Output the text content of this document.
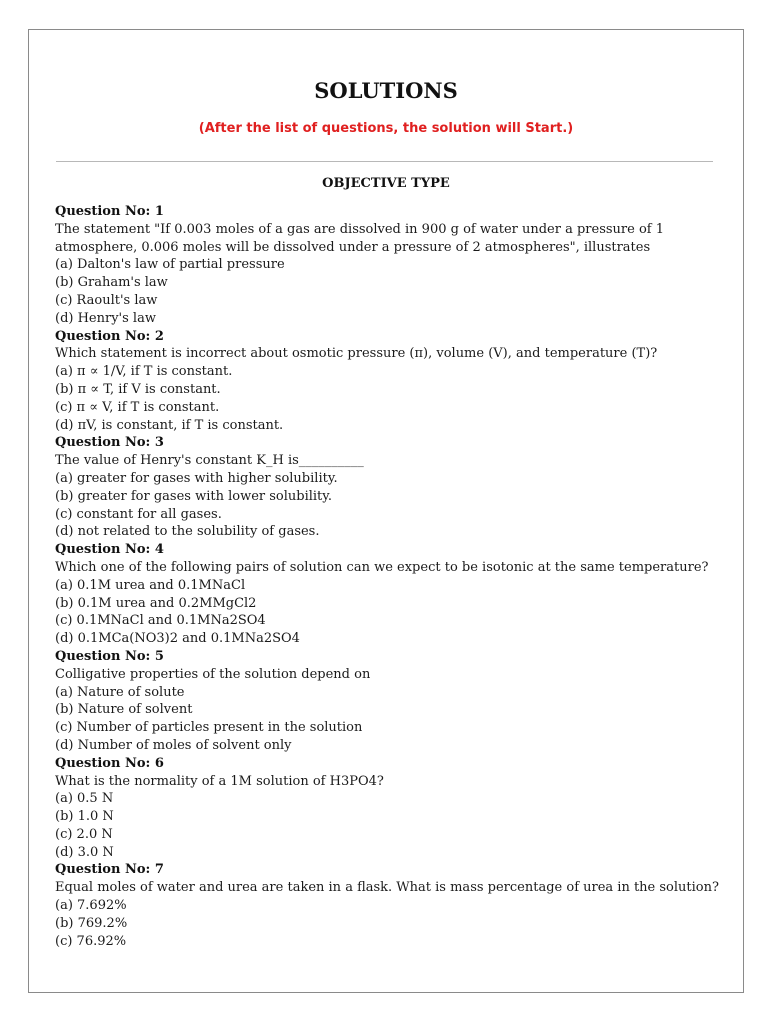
SOLUTIONS
(After the list of questions, the solution will Start.)
OBJECTIVE TYPE
Question No: 1
The statement "If 0.003 moles of a gas are dissolved in 900 g of water under a pressure of 1
atmosphere, 0.006 moles will be dissolved under a pressure of 2 atmospheres", illustrates
(a) Dalton's law of partial pressure
(b) Graham's law
(c) Raoult's law
(d) Henry's law
Question No: 2
Which statement is incorrect about osmotic pressure (π), volume (V), and temperature (T)?
(a) π ∝ 1/V, if T is constant.
(b) π ∝ T, if V is constant.
(c) π ∝ V, if T is constant.
(d) πV, is constant, if T is constant.
Question No: 3
The value of Henry's constant K_H is__________
(a) greater for gases with higher solubility.
(b) greater for gases with lower solubility.
(c) constant for all gases.
(d) not related to the solubility of gases.
Question No: 4
Which one of the following pairs of solution can we expect to be isotonic at the same temperature?
(a) 0.1M urea and 0.1MNaCl
(b) 0.1M urea and 0.2MMgCl2
(c) 0.1MNaCl and 0.1MNa2SO4
(d) 0.1MCa(NO3)2 and 0.1MNa2SO4
Question No: 5
Colligative properties of the solution depend on
(a) Nature of solute
(b) Nature of solvent
(c) Number of particles present in the solution
(d) Number of moles of solvent only
Question No: 6
What is the normality of a 1M solution of H3PO4?
(a) 0.5 N
(b) 1.0 N
(c) 2.0 N
(d) 3.0 N
Question No: 7
Equal moles of water and urea are taken in a flask. What is mass percentage of urea in the solution?
(a) 7.692%
(b) 769.2%
(c) 76.92%
